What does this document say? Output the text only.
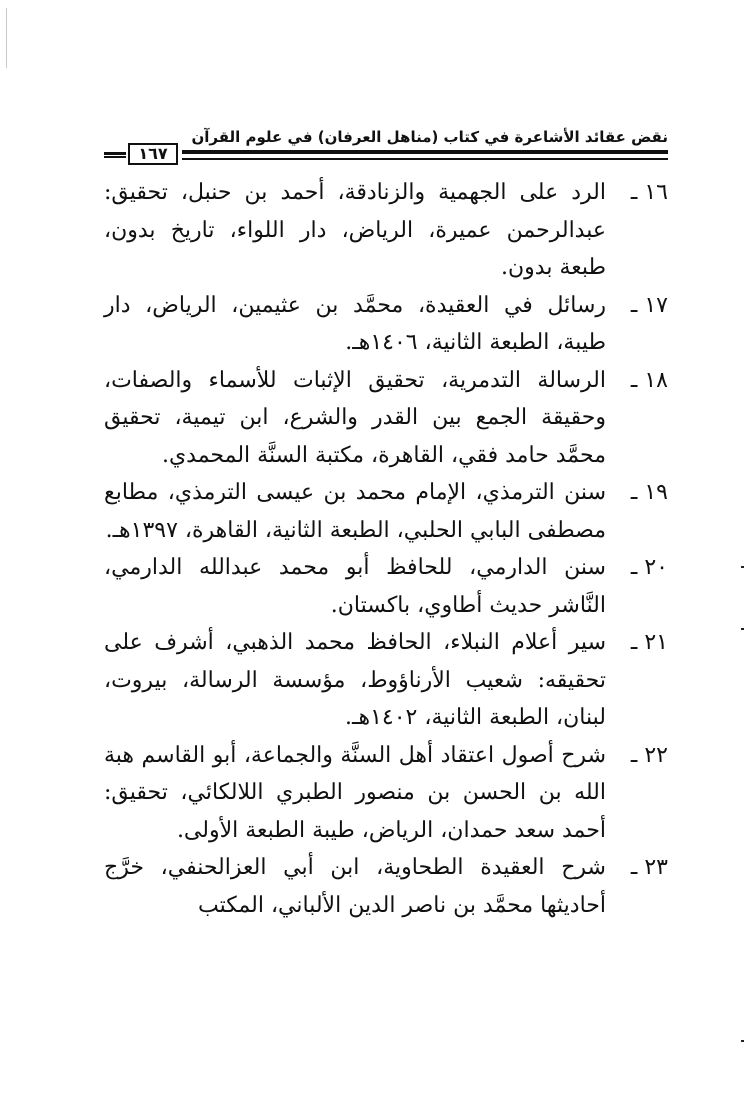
نقض عقائد الأشاعرة في كتاب (مناهل العرفان) في علوم القرآن
١٦٧
١٦ ـ
الرد على الجهمية والزنادقة، أحمد بن حنبل، تحقيق: عبدالرحمن عميرة، الرياض، دار اللواء، تاريخ بدون، طبعة بدون.
١٧ ـ
رسائل في العقيدة، محمَّد بن عثيمين، الرياض، دار طيبة، الطبعة الثانية، ١٤٠٦هـ.
١٨ ـ
الرسالة التدمرية، تحقيق الإثبات للأسماء والصفات، وحقيقة الجمع بين القدر والشرع، ابن تيمية، تحقيق محمَّد حامد فقي، القاهرة، مكتبة السنَّة المحمدي.
١٩ ـ
سنن الترمذي، الإمام محمد بن عيسى الترمذي، مطابع مصطفى البابي الحلبي، الطبعة الثانية، القاهرة، ١٣٩٧هـ.
٢٠ ـ
سنن الدارمي، للحافظ أبو محمد عبدالله الدارمي، النَّاشر حديث أطاوي، باكستان.
٢١ ـ
سير أعلام النبلاء، الحافظ محمد الذهبي، أشرف على تحقيقه: شعيب الأرناؤوط، مؤسسة الرسالة، بيروت، لبنان، الطبعة الثانية، ١٤٠٢هـ.
٢٢ ـ
شرح أصول اعتقاد أهل السنَّة والجماعة، أبو القاسم هبة الله بن الحسن بن منصور الطبري اللالكائي، تحقيق: أحمد سعد حمدان، الرياض، طيبة الطبعة الأولى.
٢٣ ـ
شرح العقيدة الطحاوية، ابن أبي العزالحنفي، خرَّج أحاديثها محمَّد بن ناصر الدين الألباني، المكتب
